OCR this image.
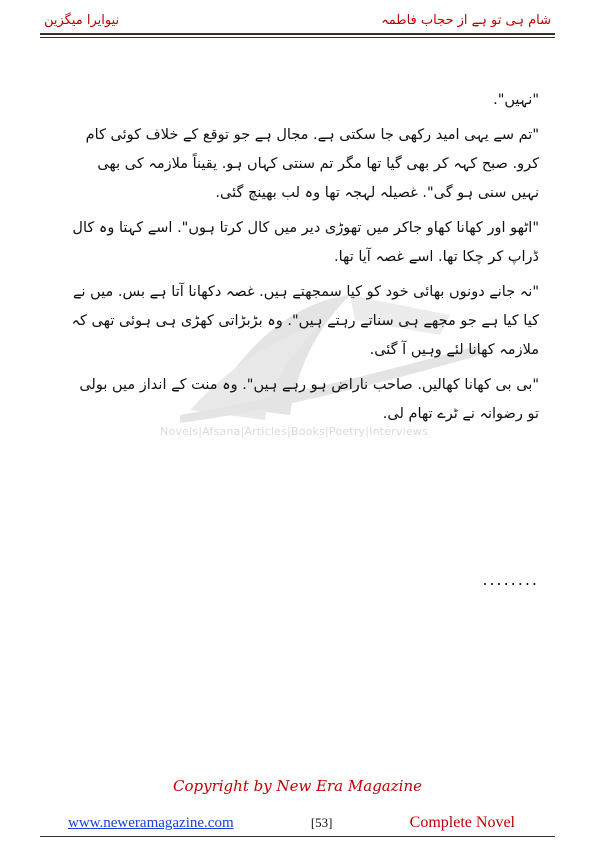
نیوایرا میگزین	شام ہی تو ہے از حجاب فاطمہ
Novels|Afsana|Articles|Books|Poetry|Interviews

"نہیں".

"تم سے یہی امید رکھی جا سکتی ہے. مجال ہے جو توقع کے خلاف کوئی کام کرو. صبح کہہ کر بھی گیا تھا مگر تم سنتی کہاں ہو. یقیناً ملازمہ کی بھی نہیں سنی ہو گی". غصیلہ لہجہ تھا وہ لب بھینچ گئی.

"اٹھو اور کھانا کھاو جاکر میں تھوڑی دیر میں کال کرتا ہوں". اسے کہتا وہ کال ڈراپ کر چکا تھا. اسے غصہ آیا تھا.

"نہ جانے دونوں بھائی خود کو کیا سمجھتے ہیں. غصہ دکھانا آتا ہے بس. میں نے کیا کیا ہے جو مجھے ہی سناتے رہتے ہیں". وہ بڑبڑاتی کھڑی ہی ہوئی تھی کہ ملازمہ کھانا لئے وہیں آ گئی.

"بی بی کھانا کھالیں. صاحب ناراض ہو رہے ہیں". وہ منت کے انداز میں بولی تو رضوانہ نے ٹرے تھام لی.

........
Copyright by New Era Magazine
www.neweramagazine.com	[53]	Complete Novel
